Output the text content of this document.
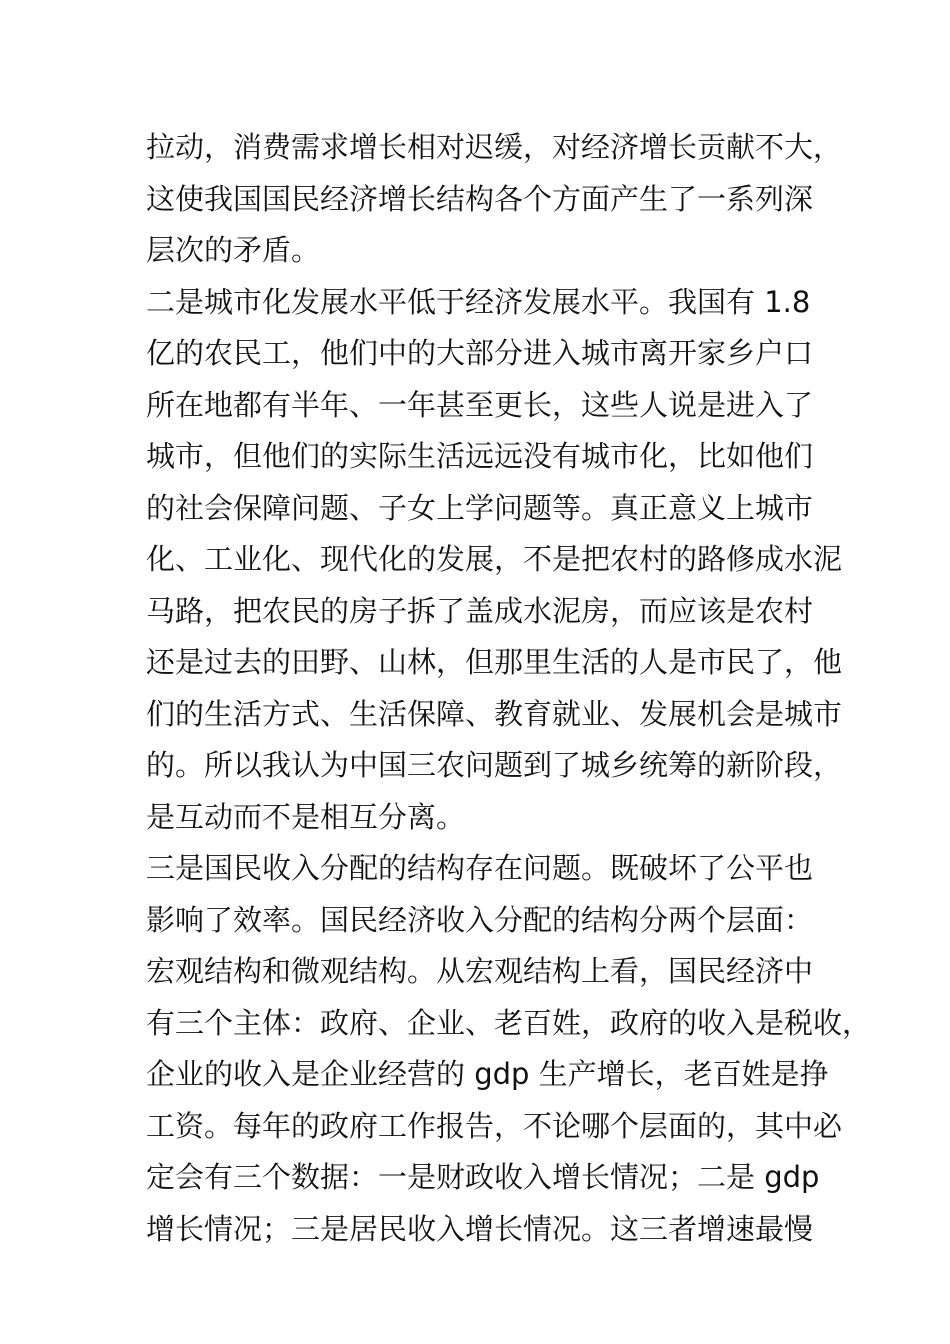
拉动，消费需求增长相对迟缓，对经济增长贡献不大，
这使我国国民经济增长结构各个方面产生了一系列深
层次的矛盾。
二是城市化发展水平低于经济发展水平。我国有 1.8
亿的农民工，他们中的大部分进入城市离开家乡户口
所在地都有半年、一年甚至更长，这些人说是进入了
城市，但他们的实际生活远远没有城市化，比如他们
的社会保障问题、子女上学问题等。真正意义上城市
化、工业化、现代化的发展，不是把农村的路修成水泥
马路，把农民的房子拆了盖成水泥房，而应该是农村
还是过去的田野、山林，但那里生活的人是市民了，他
们的生活方式、生活保障、教育就业、发展机会是城市
的。所以我认为中国三农问题到了城乡统筹的新阶段，
是互动而不是相互分离。
三是国民收入分配的结构存在问题。既破坏了公平也
影响了效率。国民经济收入分配的结构分两个层面：
宏观结构和微观结构。从宏观结构上看，国民经济中
有三个主体：政府、企业、老百姓，政府的收入是税收，
企业的收入是企业经营的 gdp 生产增长，老百姓是挣
工资。每年的政府工作报告，不论哪个层面的，其中必
定会有三个数据：一是财政收入增长情况；二是 gdp
增长情况；三是居民收入增长情况。这三者增速最慢
